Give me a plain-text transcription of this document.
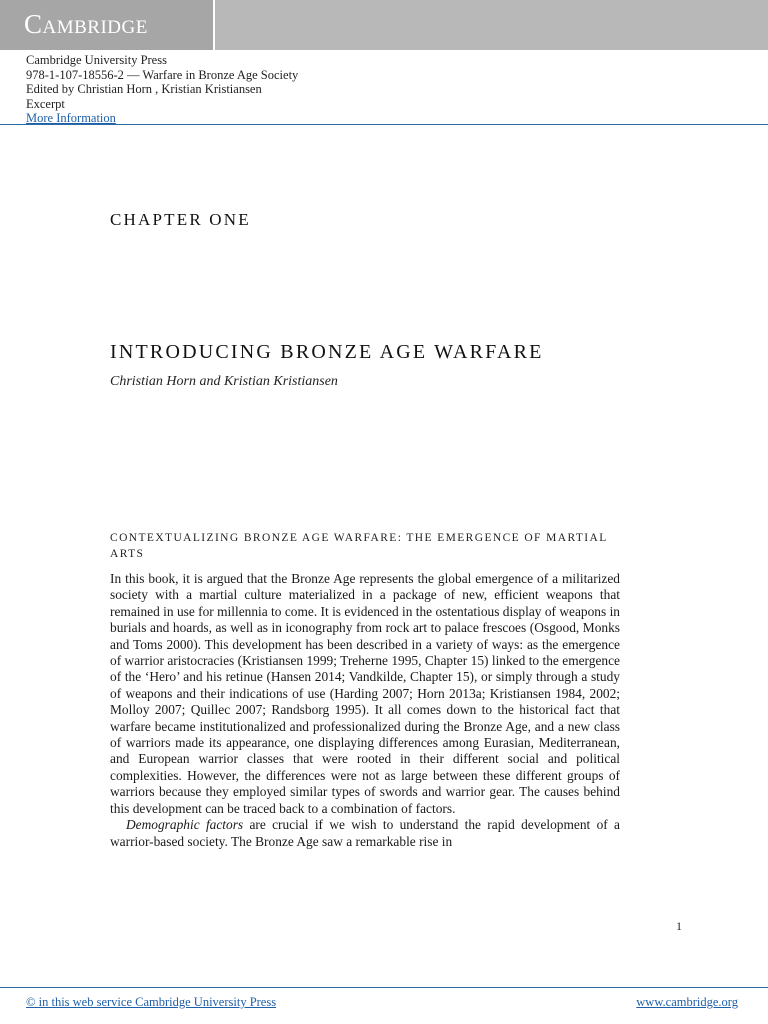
Cambridge
Cambridge University Press
978-1-107-18556-2 — Warfare in Bronze Age Society
Edited by Christian Horn , Kristian Kristiansen
Excerpt
More Information
CHAPTER ONE
INTRODUCING BRONZE AGE WARFARE
Christian Horn and Kristian Kristiansen
CONTEXTUALIZING BRONZE AGE WARFARE: THE EMERGENCE OF MARTIAL ARTS

In this book, it is argued that the Bronze Age represents the global emergence of a militarized society with a martial culture materialized in a package of new, efficient weapons that remained in use for millennia to come. It is evidenced in the ostentatious display of weapons in burials and hoards, as well as in iconography from rock art to palace frescoes (Osgood, Monks and Toms 2000). This development has been described in a variety of ways: as the emergence of warrior aristocracies (Kristiansen 1999; Treherne 1995, Chapter 15) linked to the emergence of the ‘Hero’ and his retinue (Hansen 2014; Vandkilde, Chapter 15), or simply through a study of weapons and their indications of use (Harding 2007; Horn 2013a; Kristiansen 1984, 2002; Molloy 2007; Quillec 2007; Randsborg 1995). It all comes down to the historical fact that warfare became institutionalized and professionalized during the Bronze Age, and a new class of warriors made its appearance, one displaying differences among Eurasian, Mediterranean, and European warrior classes that were rooted in their different social and political complexities. However, the differences were not as large between these different groups of warriors because they employed similar types of swords and warrior gear. The causes behind this development can be traced back to a combination of factors.

Demographic factors are crucial if we wish to understand the rapid development of a warrior-based society. The Bronze Age saw a remarkable rise in

1
© in this web service Cambridge University Press	www.cambridge.org
